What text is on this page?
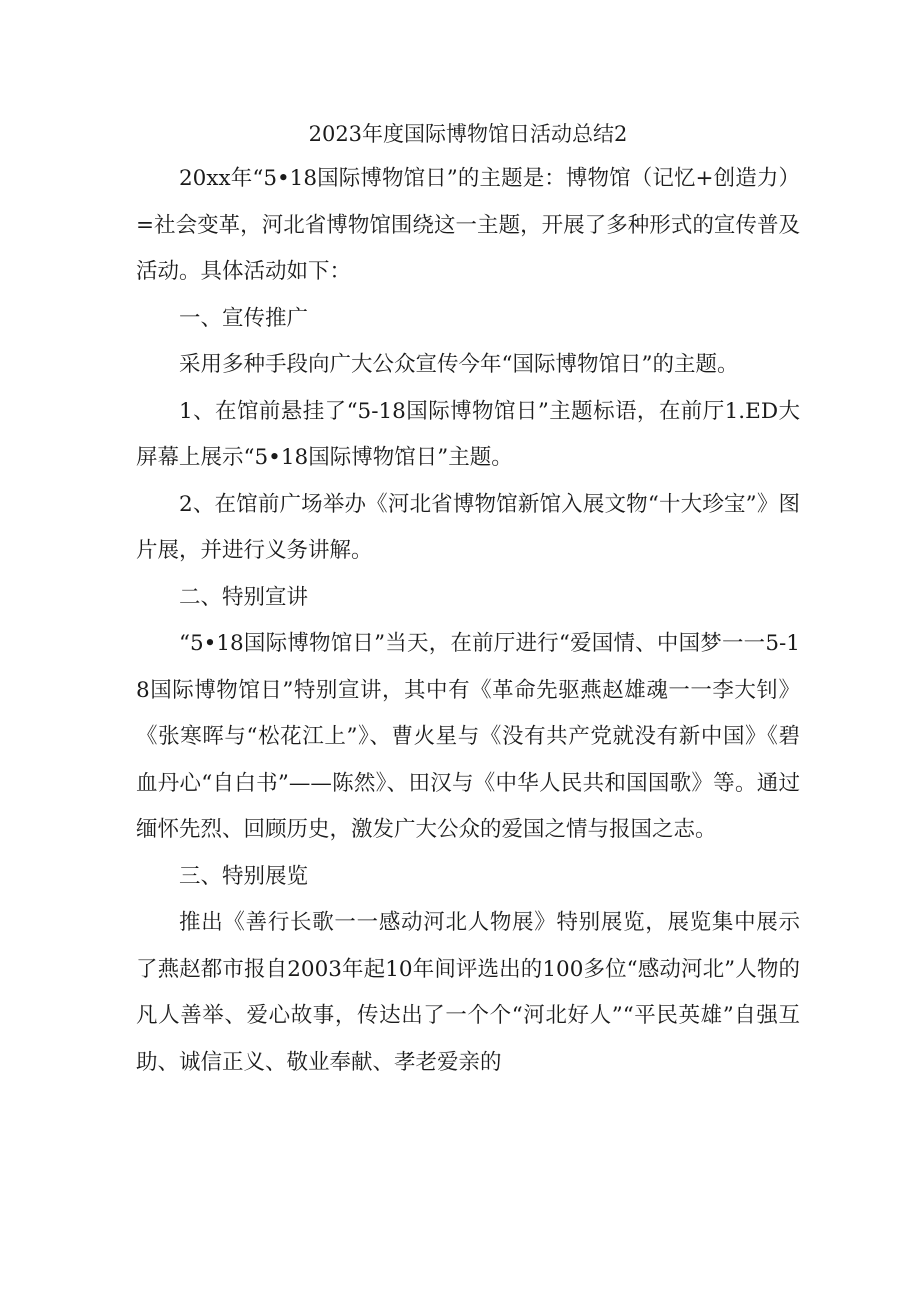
2023年度国际博物馆日活动总结2

20xx年“5•18国际博物馆日”的主题是：博物馆（记忆+创造力）=社会变革，河北省博物馆围绕这一主题，开展了多种形式的宣传普及活动。具体活动如下：

一、宣传推广

采用多种手段向广大公众宣传今年“国际博物馆日”的主题。

1、在馆前悬挂了“5-18国际博物馆日”主题标语，在前厅1.ED大屏幕上展示“5•18国际博物馆日”主题。

2、在馆前广场举办《河北省博物馆新馆入展文物“十大珍宝”》图片展，并进行义务讲解。

二、特别宣讲

“5•18国际博物馆日”当天，在前厅进行“爱国情、中国梦一一5-18国际博物馆日”特别宣讲，其中有《革命先驱燕赵雄魂一一李大钊》《张寒晖与“松花江上”》、曹火星与《没有共产党就没有新中国》《碧血丹心“自白书”——陈然》、田汉与《中华人民共和国国歌》等。通过缅怀先烈、回顾历史，激发广大公众的爱国之情与报国之志。

三、特别展览

推出《善行长歌一一感动河北人物展》特别展览，展览集中展示了燕赵都市报自2003年起10年间评选出的100多位“感动河北”人物的凡人善举、爱心故事，传达出了一个个“河北好人”“平民英雄”自强互助、诚信正义、敬业奉献、孝老爱亲的
